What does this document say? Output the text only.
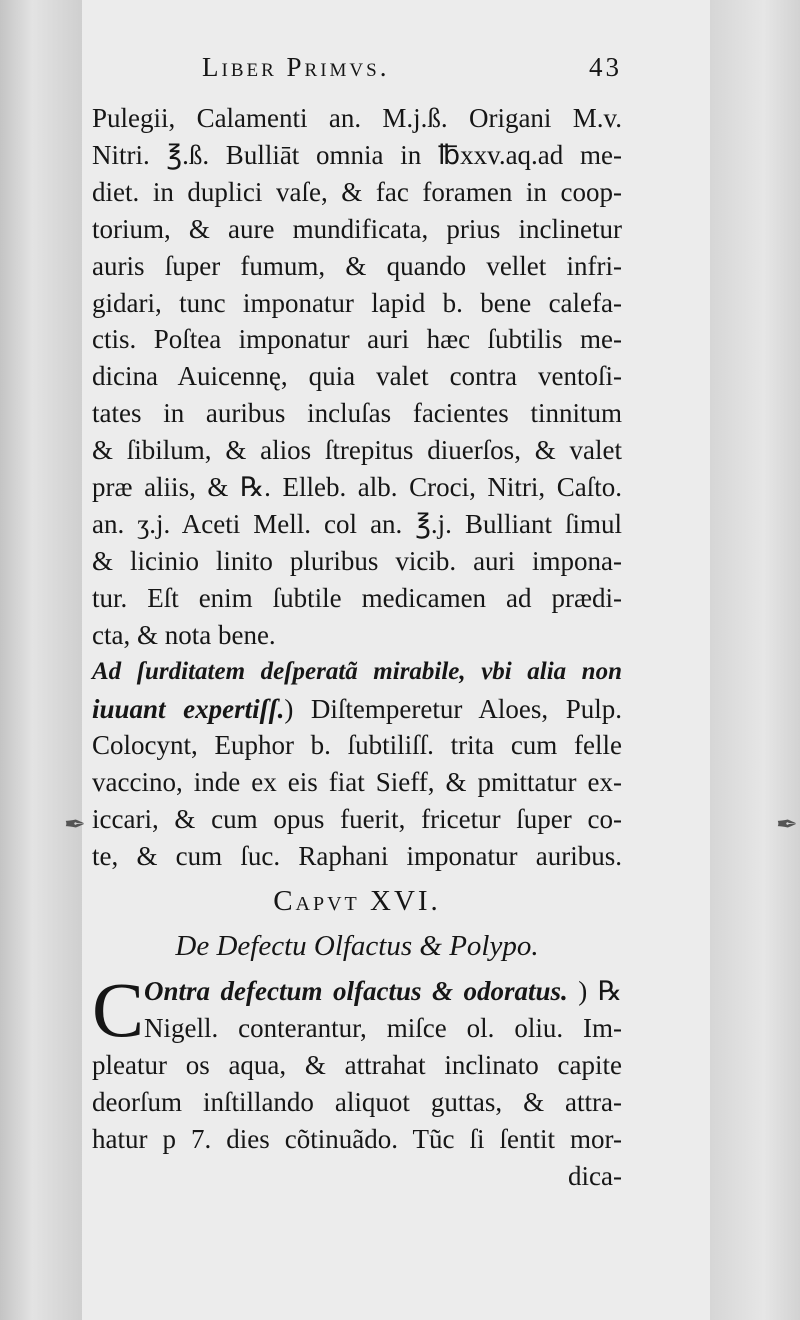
Liber Primvs.	43
Pulegii, Calamenti an. M.j.ß. Origani M.v.
Nitri. ℥.ß. Bulliāt omnia in ℔xxv.aq.ad me-
diet. in duplici vaſe, & fac foramen in coop-
torium, & aure mundificata, prius inclinetur
auris ſuper fumum, & quando vellet infri-
gidari, tunc imponatur lapid b. bene calefa-
ctis. Poſtea imponatur auri hæc ſubtilis me-
dicina Auicennę, quia valet contra ventoſi-
tates in auribus incluſas facientes tinnitum
& ſibilum, & alios ſtrepitus diuerſos, & valet
præ aliis, & ℞. Elleb. alb. Croci, Nitri, Caſto.
an. ʒ.j. Aceti Mell. col an. ℥.j. Bulliant ſimul
& licinio linito pluribus vicib. auri impona-
tur. Eſt enim ſubtile medicamen ad prædi-
cta, & nota bene.
Ad ſurditatem deſperatã mirabile, vbi alia non
iuuant expertiſſ.) Diſtemperetur Aloes, Pulp.
Colocynt, Euphor b. ſubtiliſſ. trita cum felle
vaccino, inde ex eis fiat Sieff, & pmittatur ex-
iccari, & cum opus fuerit, fricetur ſuper co-
te, & cum ſuc. Raphani imponatur auribus.
Capvt XVI.
De Defectu Olfactus & Polypo.
C Ontra defectum olfactus & odoratus. ) ℞
Nigell. conterantur, miſce ol. oliu. Im-
pleatur os aqua, & attrahat inclinato capite
deorſum inſtillando aliquot guttas, & attra-
hatur p 7. dies cõtinuãdo. Tũc ſi ſentit mor-
dica-
✒	✒
